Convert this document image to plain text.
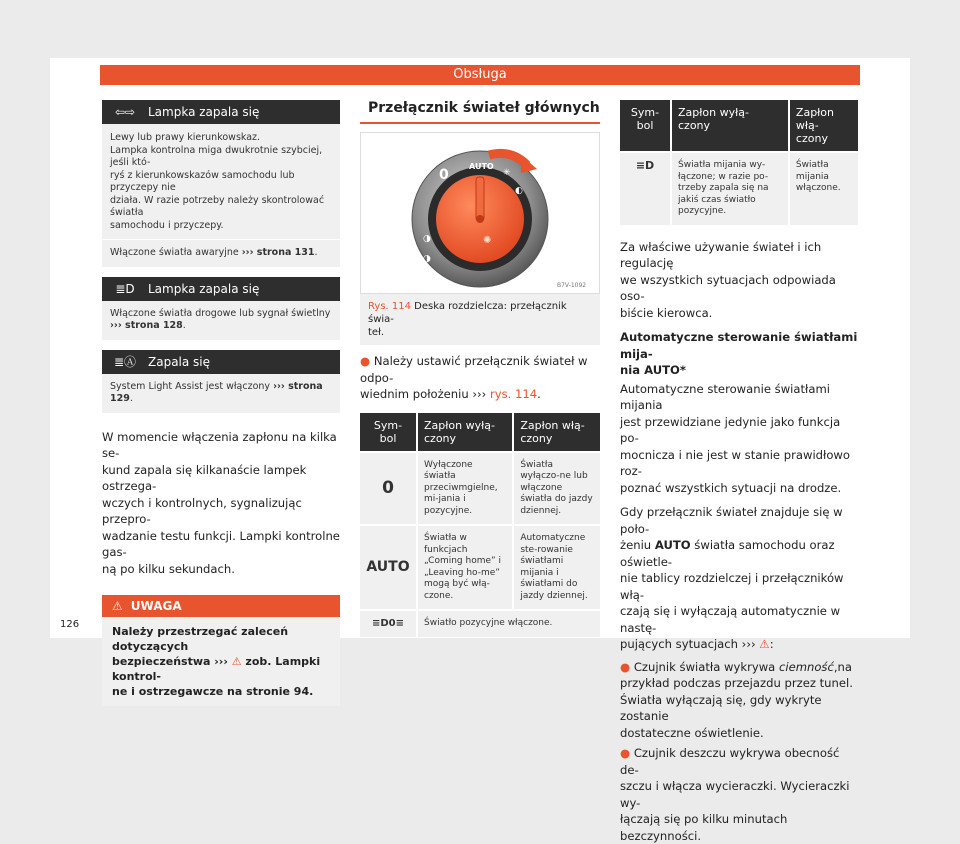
Obsługa
⇦⇨	Lampka zapala się
Lewy lub prawy kierunkowskaz.
Lampka kontrolna miga dwukrotnie szybciej, jeśli któ-
ryś z kierunkowskazów samochodu lub przyczepy nie
działa. W razie potrzeby należy skontrolować światła
samochodu i przyczepy.
Włączone światła awaryjne ››› strona 131.
≣D	Lampka zapala się
Włączone światła drogowe lub sygnał świetlny
››› strona 128.
≣Ⓐ Zapala się
System Light Assist jest włączony ››› strona 129.
W momencie włączenia zapłonu na kilka se-
kund zapala się kilkanaście lampek ostrzega-
wczych i kontrolnych, sygnalizując przepro-
wadzanie testu funkcji. Lampki kontrolne gas-
ną po kilku sekundach.
⚠ UWAGA
Należy przestrzegać zaleceń dotyczących
bezpieczeństwa ››› ⚠ zob. Lampki kontrol-
ne i ostrzegawcze na stronie 94.
Przełącznik świateł głównych
0
AUTO
✳
◐
◑
◑
✺
B7V-1092
Rys. 114 Deska rozdzielcza: przełącznik świa-
teł.
● Należy ustawić przełącznik świateł w odpo-
wiednim położeniu ››› rys. 114.
Sym-
bol	Zapłon wyłą-
czony	Zapłon włą-
czony
0	Wyłączone światła przeciwmgielne, mi-jania i pozycyjne.	Światła wyłączo-ne lub włączone światła do jazdy dziennej.
AUTO	Światła w funkcjach „Coming home” i „Leaving ho-me” mogą być włą-czone.	Automatyczne ste-rowanie światłami mijania i światłami do jazdy dziennej.
≡D0≡	Światło pozycyjne włączone.	
Sym-
bol	Zapłon wyłą-
czony	Zapłon włą-
czony
≡D	Światła mijania wy-łączone; w razie po-trzeby zapala się na jakiś czas światło pozycyjne.	Światła mijania włączone.
Za właściwe używanie świateł i ich regulację
we wszystkich sytuacjach odpowiada oso-
biście kierowca.
Automatyczne sterowanie światłami mija-
nia AUTO*
Automatyczne sterowanie światłami mijania
jest przewidziane jedynie jako funkcja po-
mocnicza i nie jest w stanie prawidłowo roz-
poznać wszystkich sytuacji na drodze.
Gdy przełącznik świateł znajduje się w poło-
żeniu AUTO światła samochodu oraz oświetle-
nie tablicy rozdzielczej i przełączników włą-
czają się i wyłączają automatycznie w nastę-
pujących sytuacjach ››› ⚠:
● Czujnik światła wykrywa ciemność,na
przykład podczas przejazdu przez tunel.
Światła wyłączają się, gdy wykryte zostanie
dostateczne oświetlenie.
● Czujnik deszczu wykrywa obecność de-
szczu i włącza wycieraczki. Wycieraczki wy-
łączają się po kilku minutach bezczynności.
126
